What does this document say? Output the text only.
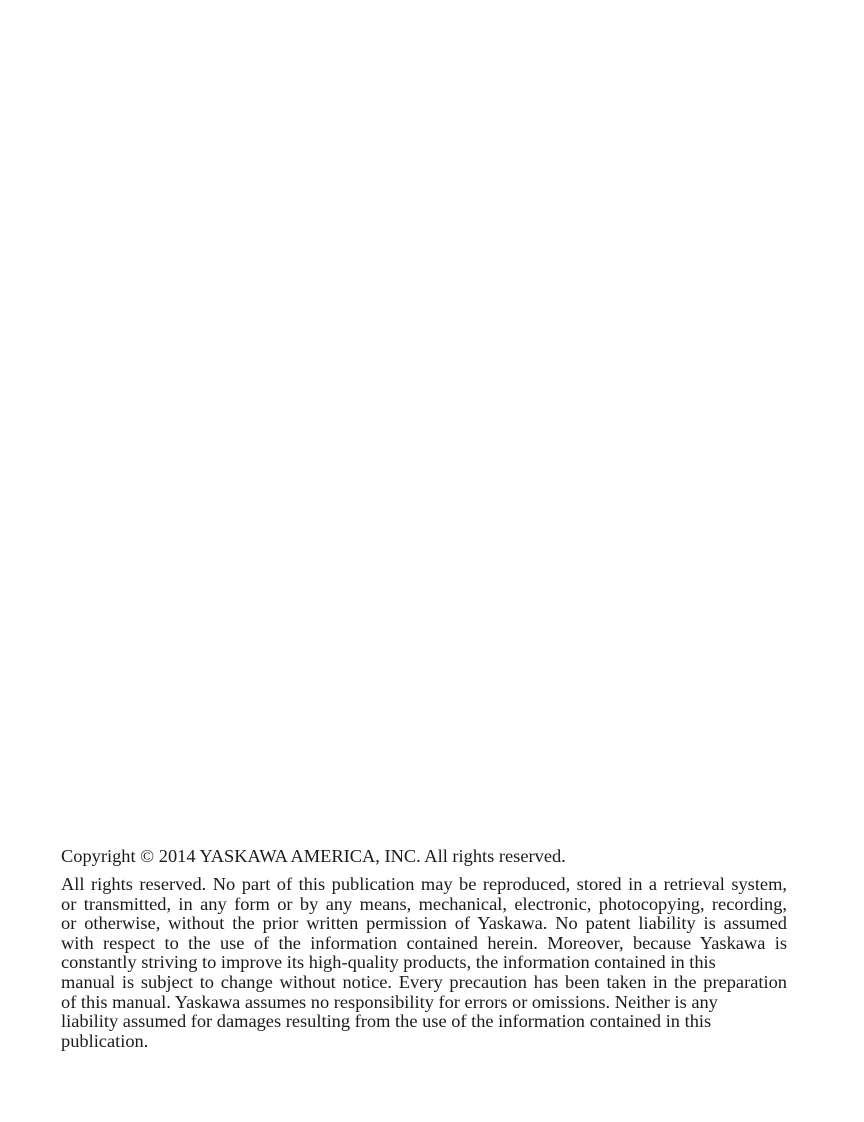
Copyright © 2014 YASKAWA AMERICA, INC. All rights reserved.

All rights reserved. No part of this publication may be reproduced, stored in a retrieval system,
or transmitted, in any form or by any means, mechanical, electronic, photocopying, recording,
or otherwise, without the prior written permission of Yaskawa. No patent liability is assumed
with respect to the use of the information contained herein. Moreover, because Yaskawa is
constantly striving to improve its high-quality products, the information contained in this
manual is subject to change without notice. Every precaution has been taken in the preparation
of this manual. Yaskawa assumes no responsibility for errors or omissions. Neither is any
liability assumed for damages resulting from the use of the information contained in this
publication.
